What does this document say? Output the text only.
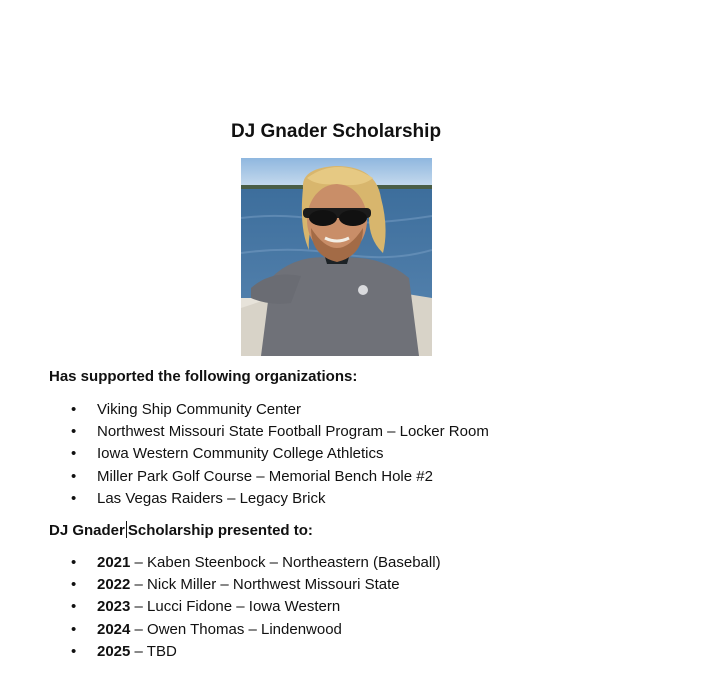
DJ Gnader Scholarship

Has supported the following organizations:

• Viking Ship Community Center
• Northwest Missouri State Football Program – Locker Room
• Iowa Western Community College Athletics
• Miller Park Golf Course – Memorial Bench Hole #2
• Las Vegas Raiders – Legacy Brick

DJ Gnader Scholarship presented to:

• 2021 – Kaben Steenbock – Northeastern (Baseball)
• 2022 – Nick Miller – Northwest Missouri State
• 2023 – Lucci Fidone – Iowa Western
• 2024 – Owen Thomas – Lindenwood
• 2025 – TBD
